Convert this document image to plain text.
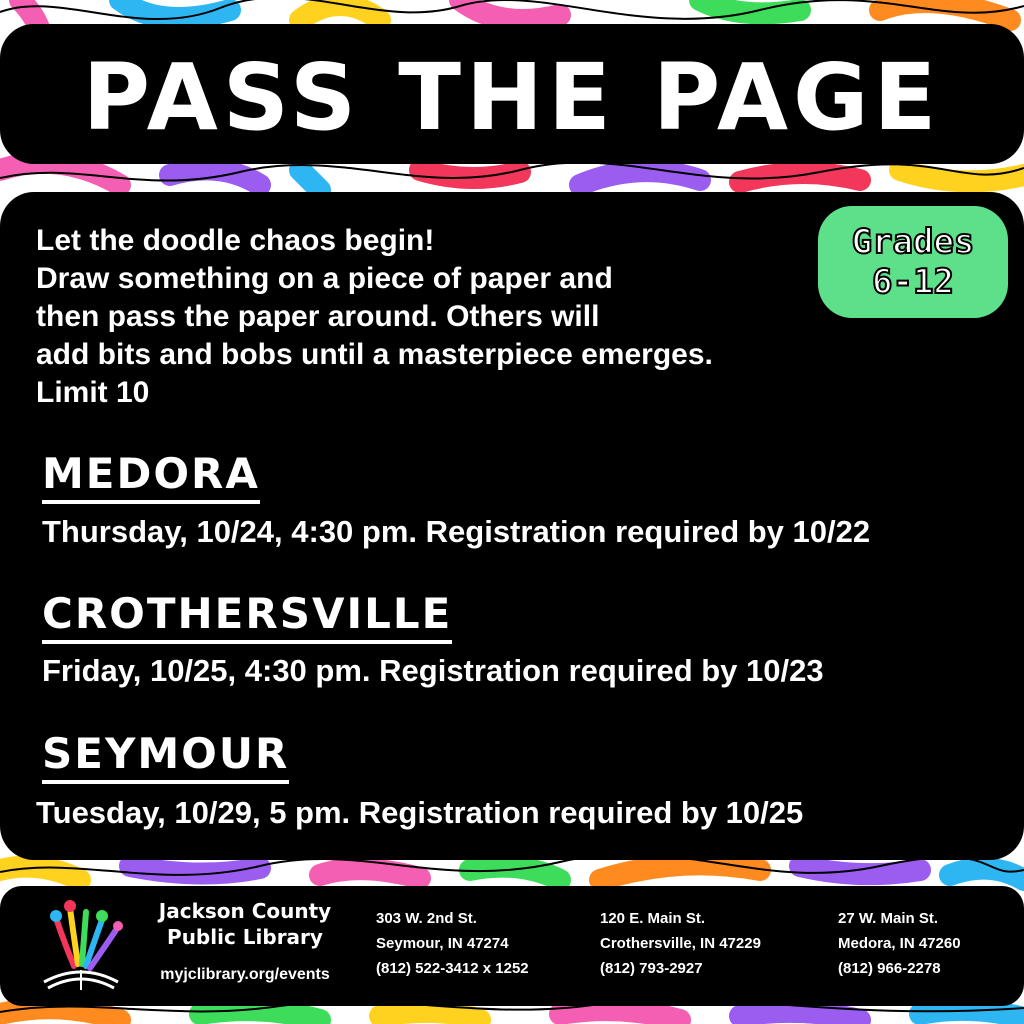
PASS THE PAGE
Let the doodle chaos begin!
Draw something on a piece of paper and
then pass the paper around. Others will
add bits and bobs until a masterpiece emerges.
Limit 10
Grades
6-12
MEDORA
Thursday, 10/24, 4:30 pm. Registration required by 10/22
CROTHERSVILLE
Friday, 10/25, 4:30 pm. Registration required by 10/23
SEYMOUR
Tuesday, 10/29, 5 pm. Registration required by 10/25
Jackson County
Public Library
myjclibrary.org/events
303 W. 2nd St.
Seymour, IN 47274
(812) 522-3412 x 1252
120 E. Main St.
Crothersville, IN 47229
(812) 793-2927
27 W. Main St.
Medora, IN 47260
(812) 966-2278
